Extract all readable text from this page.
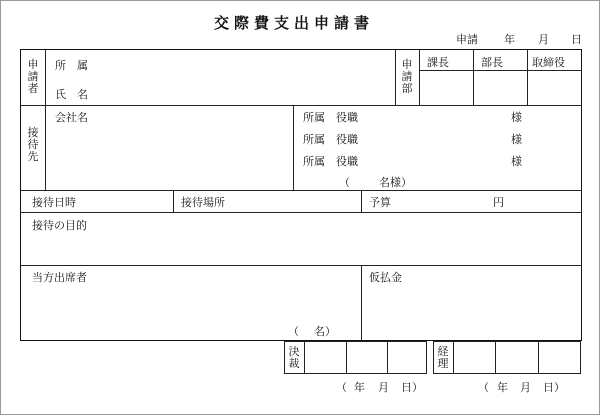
交際費支出申請書
申請 年 月 日
申請者
所　属
氏　名
申請部
課長	部長	取締役
接待先
会社名	所属　役職	様
所属　役職	様
所属　役職	様
（	名様）
接待日時	接待場所	予算	円
接待の目的
当方出席者
（ 名）
仮払金
決裁
経理
（ 年 月 日）	（ 年 月 日）
